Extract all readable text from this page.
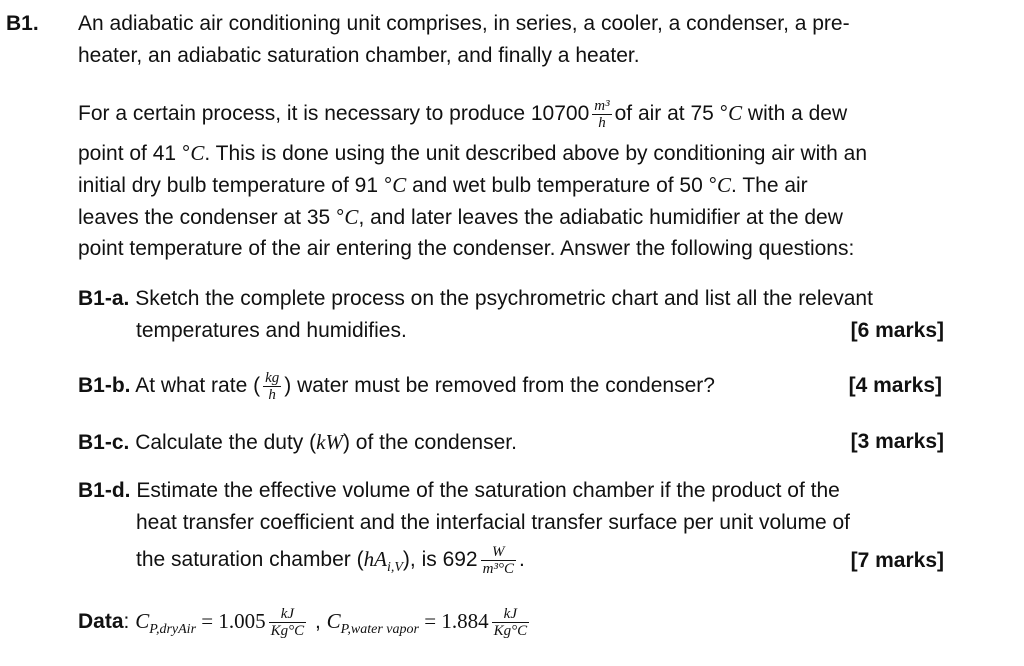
B1. An adiabatic air conditioning unit comprises, in series, a cooler, a condenser, a pre-
heater, an adiabatic saturation chamber, and finally a heater.
For a certain process, it is necessary to produce $10700 \frac{\text{m³}}{h}$ of air at 75 °C with a dew
point of 41 °C. This is done using the unit described above by conditioning air with an
initial dry bulb temperature of 91 °C and wet bulb temperature of 50 °C. The air
leaves the condenser at 35 °C, and later leaves the adiabatic humidifier at the dew
point temperature of the air entering the condenser. Answer the following questions:
B1-a. Sketch the complete process on the psychrometric chart and list all the relevant
temperatures and humidifies.	[6 marks]
B1-b. At what rate ( $\frac{kg}{h}$ ) water must be removed from the condenser?	[4 marks]
B1-c. Calculate the duty (kW) of the condenser.	[3 marks]
B1-d. Estimate the effective volume of the saturation chamber if the product of the
heat transfer coefficient and the interfacial transfer surface per unit volume of
the saturation chamber $(hA_{i,V})$, is $692 \frac{W}{\text{m³°C}}$ .	[7 marks]
Data: $C_{P,dryAir} = 1.005 \frac{kJ}{Kg^\circ C}$ , $C_{P,water vapor} = 1.884 \frac{kJ}{Kg^\circ C}$
